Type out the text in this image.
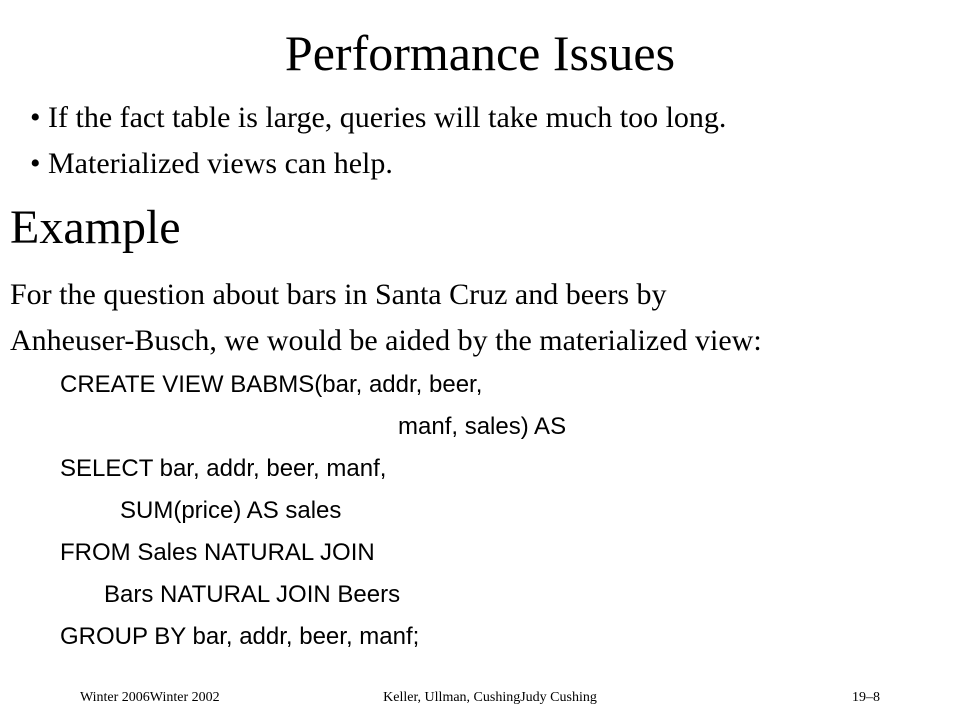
Performance Issues
• If the fact table is large, queries will take much too long.
• Materialized views can help.
Example
For the question about bars in Santa Cruz and beers by
Anheuser-Busch, we would be aided by the materialized view:
CREATE VIEW BABMS(bar, addr, beer,
manf, sales) AS
SELECT bar, addr, beer, manf,
SUM(price) AS sales
FROM Sales NATURAL JOIN
Bars NATURAL JOIN Beers
GROUP BY bar, addr, beer, manf;
Winter 2006Winter 2002	Keller, Ullman, CushingJudy Cushing	19–8
